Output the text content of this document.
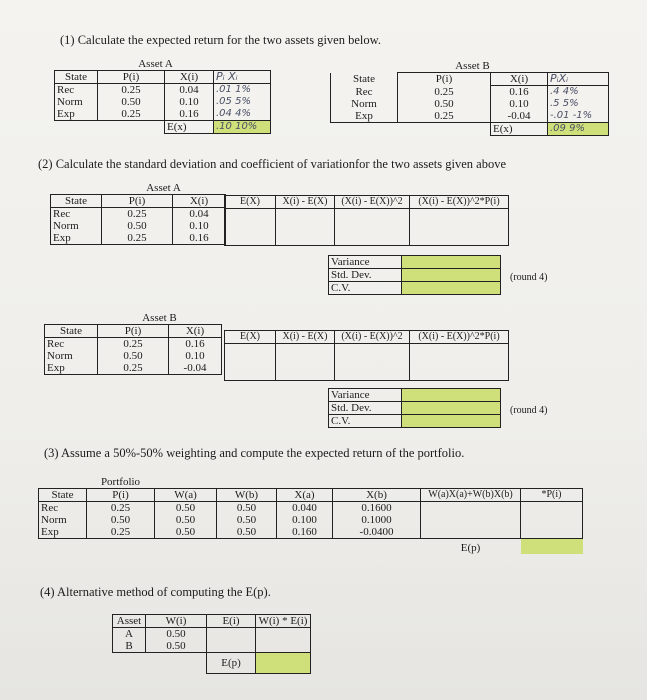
(1) Calculate the expected return for the two assets given below.
	Asset A		
State	P(i)	X(i)	Pᵢ Xᵢ
Rec	0.25	0.04	.01 1%
Norm	0.50	0.10	.05 5%
Exp	0.25	0.16	.04 4%
		E(x)	.10 10%
	Asset B		
State	P(i)	X(i)	PᵢXᵢ
Rec	0.25	0.16	.4 4%
Norm	0.50	0.10	.5 5%
Exp	0.25	-0.04	-.01 -1%
		E(x)	.09 9%
(2) Calculate the standard deviation and coefficient of variationfor the two assets given above
	Asset A	
State	P(i)	X(i)
Rec	0.25	0.04
Norm	0.50	0.10
Exp	0.25	0.16
E(X)	X(i) - E(X)	(X(i) - E(X))^2	(X(i) - E(X))^2*P(i)

Variance	
Std. Dev.	
C.V.	
(round 4)
	Asset B	
State	P(i)	X(i)
Rec	0.25	0.16
Norm	0.50	0.10
Exp	0.25	-0.04
E(X)	X(i) - E(X)	(X(i) - E(X))^2	(X(i) - E(X))^2*P(i)

Variance	
Std. Dev.	
C.V.	
(round 4)
(3) Assume a 50%-50% weighting and compute the expected return of the portfolio.
	Portfolio						
State	P(i)	W(a)	W(b)	X(a)	X(b)	W(a)X(a)+W(b)X(b)	*P(i)
Rec	0.25	0.50	0.50	0.040	0.1600		
Norm	0.50	0.50	0.50	0.100	0.1000		
Exp	0.25	0.50	0.50	0.160	-0.0400		
						E(p)	
(4) Alternative method of computing the E(p).
Asset	W(i)	E(i)	W(i) * E(i)
A	0.50		
B	0.50		
		E(p)	
